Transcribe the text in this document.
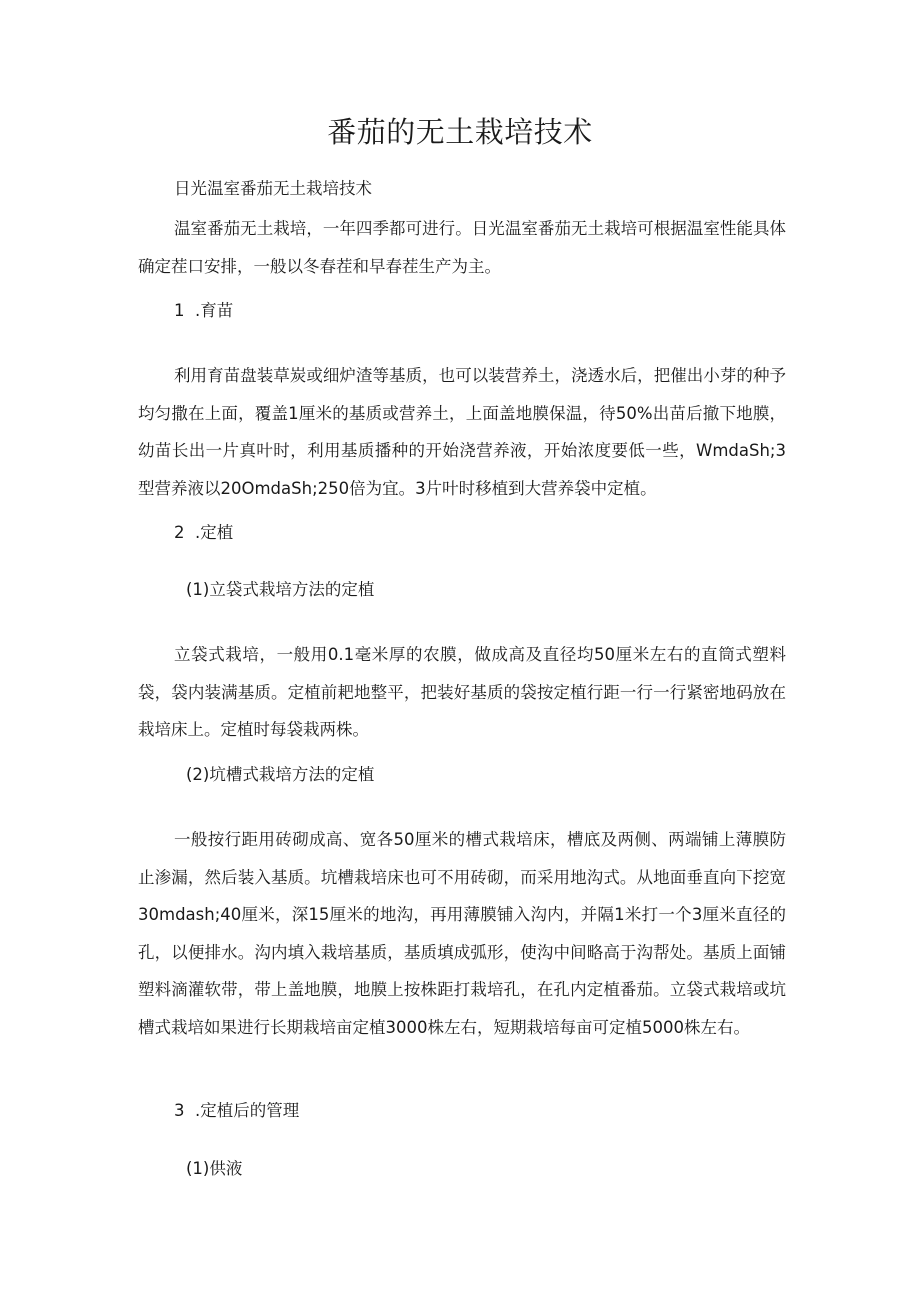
番茄的无土栽培技术

日光温室番茄无土栽培技术

温室番茄无土栽培，一年四季都可进行。日光温室番茄无土栽培可根据温室性能具体确定茬口安排，一般以冬春茬和早春茬生产为主。

1  .育苗

利用育苗盘装草炭或细炉渣等基质，也可以装营养土，浇透水后，把催出小芽的种予均匀撒在上面，覆盖1厘米的基质或营养土，上面盖地膜保温，待50%出苗后撤下地膜，幼苗长出一片真叶时，利用基质播种的开始浇营养液，开始浓度要低一些，WmdaSh;3型营养液以20OmdaSh;250倍为宜。3片叶时移植到大营养袋中定植。

2  .定植

(1)立袋式栽培方法的定植

立袋式栽培，一般用0.1毫米厚的农膜，做成高及直径均50厘米左右的直筒式塑料袋，袋内装满基质。定植前耙地整平，把装好基质的袋按定植行距一行一行紧密地码放在栽培床上。定植时每袋栽两株。

(2)坑槽式栽培方法的定植

一般按行距用砖砌成高、宽各50厘米的槽式栽培床，槽底及两侧、两端铺上薄膜防止渗漏，然后装入基质。坑槽栽培床也可不用砖砌，而采用地沟式。从地面垂直向下挖宽30mdash;40厘米，深15厘米的地沟，再用薄膜铺入沟内，并隔1米打一个3厘米直径的孔，以便排水。沟内填入栽培基质，基质填成弧形，使沟中间略高于沟帮处。基质上面铺塑料滴灌软带，带上盖地膜，地膜上按株距打栽培孔，在孔内定植番茄。立袋式栽培或坑槽式栽培如果进行长期栽培亩定植3000株左右，短期栽培每亩可定植5000株左右。

3  .定植后的管理

(1)供液
